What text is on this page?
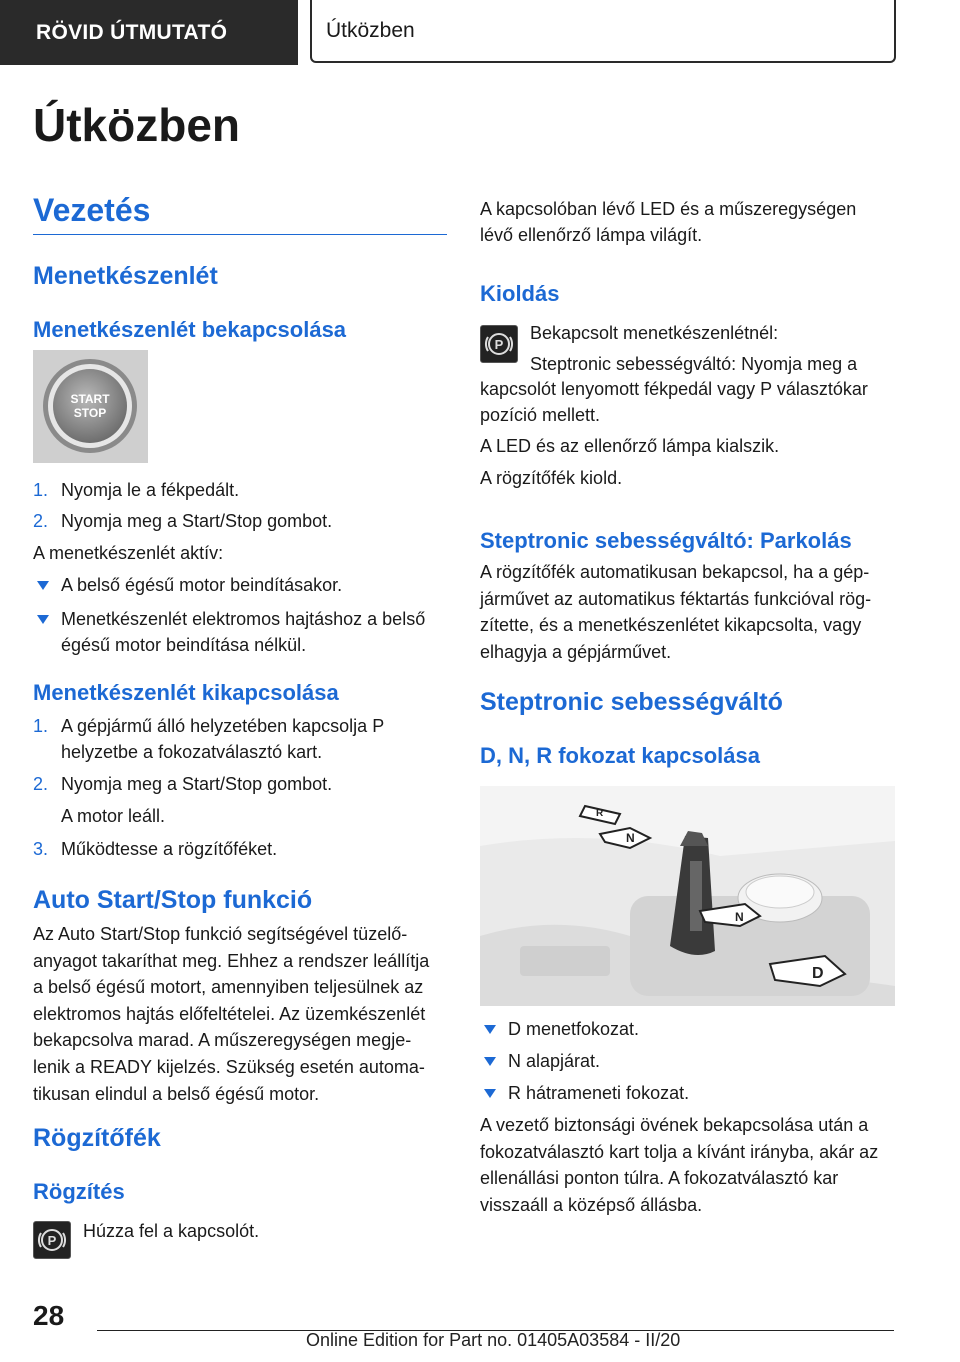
RÖVID ÚTMUTATÓ	Útközben
Útközben
Vezetés
Menetkészenlét
Menetkészenlét bekapcsolása
START
STOP
1. Nyomja le a fékpedált.
2. Nyomja meg a Start/Stop gombot.
A menetkészenlét aktív:
A belső égésű motor beindításakor.
Menetkészenlét elektromos hajtáshoz a belső
égésű motor beindítása nélkül.
Menetkészenlét kikapcsolása
1. A gépjármű álló helyzetében kapcsolja P
helyzetbe a fokozatválasztó kart.
2. Nyomja meg a Start/Stop gombot.
A motor leáll.
3. Működtesse a rögzítőféket.
Auto Start/Stop funkció
Az Auto Start/Stop funkció segítségével tüzelő-
anyagot takaríthat meg. Ehhez a rendszer leállítja
a belső égésű motort, amennyiben teljesülnek az
elektromos hajtás előfeltételei. Az üzemkészenlét
bekapcsolva marad. A műszeregységen megje-
lenik a READY kijelzés. Szükség esetén automa-
tikusan elindul a belső égésű motor.
Rögzítőfék
Rögzítés
P Húzza fel a kapcsolót.
A kapcsolóban lévő LED és a műszeregységen
lévő ellenőrző lámpa világít.
Kioldás
P
Bekapcsolt menetkészenlétnél:
Steptronic sebességváltó: Nyomja meg a
kapcsolót lenyomott fékpedál vagy P választókar
pozíció mellett.
A LED és az ellenőrző lámpa kialszik.
A rögzítőfék kiold.
Steptronic sebességváltó: Parkolás
A rögzítőfék automatikusan bekapcsol, ha a gép-
járművet az automatikus féktartás funkcióval rög-
zítette, és a menetkészenlétet kikapcsolta, vagy
elhagyja a gépjárművet.
Steptronic sebességváltó
D, N, R fokozat kapcsolása
R
N
N
D
D menetfokozat.
N alapjárat.
R hátrameneti fokozat.
A vezető biztonsági övének bekapcsolása után a
fokozatválasztó kart tolja a kívánt irányba, akár az
ellenállási ponton túlra. A fokozatválasztó kar
visszaáll a középső állásba.
28
Online Edition for Part no. 01405A03584 - II/20
